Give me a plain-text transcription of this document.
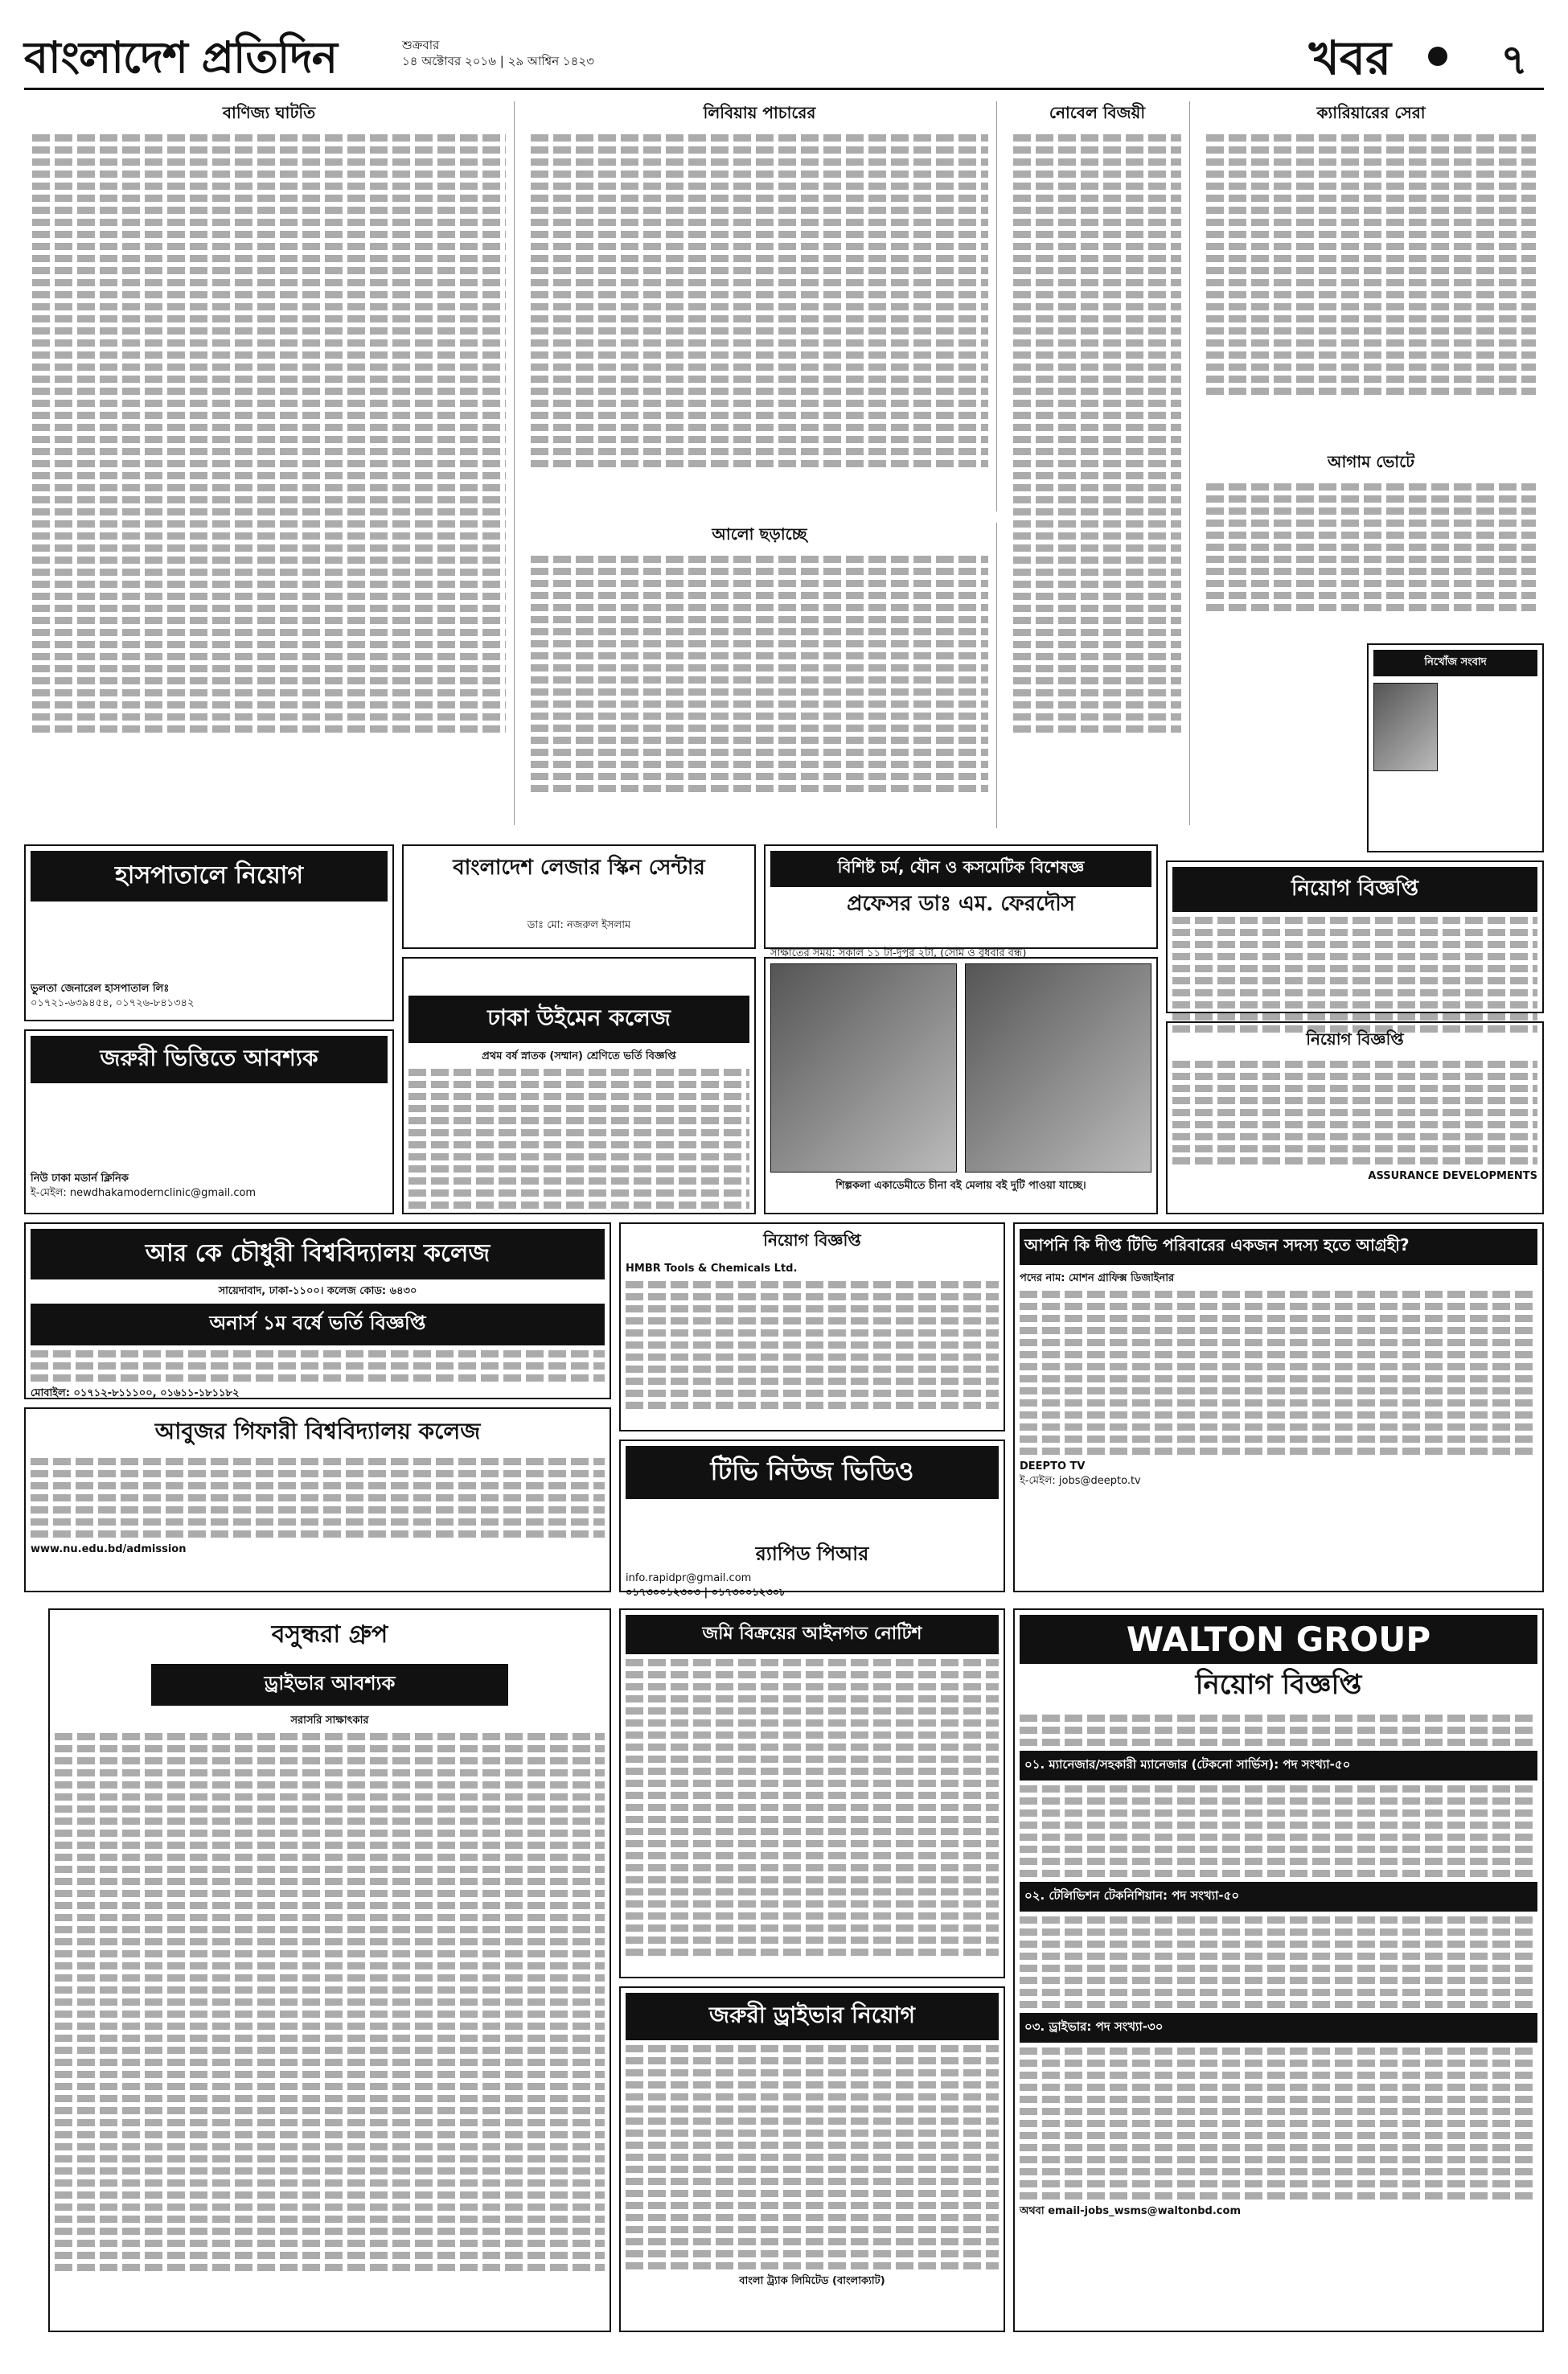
বাংলাদেশ প্রতিদিন	শুক্রবার
১৪ অক্টোবর ২০১৬ | ২৯ আশ্বিন ১৪২৩	খবর	৭
বাণিজ্য ঘাটতি	লিবিয়ায় পাচারের
আলো ছড়াচ্ছে
নোবেল বিজয়ী	ক্যারিয়ারের সেরা
আগাম ভোটে
নিখোঁজ সংবাদ
হাসপাতালে নিয়োগ
ভুলতা জেনারেল হাসপাতাল লিঃ
০১৭২১-৬৩৯৪৫৪, ০১৭২৬-৮৪১৩৪২
জরুরী ভিত্তিতে আবশ্যক
নিউ ঢাকা মডার্ন ক্লিনিক
ই-মেইল: newdhakamodernclinic@gmail.com
বাংলাদেশ লেজার স্কিন সেন্টার
ডাঃ মো: নজরুল ইসলাম
ঢাকা উইমেন কলেজ
প্রথম বর্ষ স্নাতক (সম্মান) শ্রেণিতে ভর্তি বিজ্ঞপ্তি
বিশিষ্ট চর্ম, যৌন ও কসমেটিক বিশেষজ্ঞ
প্রফেসর ডাঃ এম. ফেরদৌস
সাক্ষাতের সময়: সকাল ১১ টা-দুপুর ২টা, (সোম ও বুধবার বন্ধ)
শিল্পকলা একাডেমীতে চীনা বই মেলায় বই দুটি পাওয়া যাচ্ছে।
নিয়োগ বিজ্ঞপ্তি
নিয়োগ বিজ্ঞপ্তি
ASSURANCE DEVELOPMENTS
আর কে চৌধুরী বিশ্ববিদ্যালয় কলেজ
সায়েদাবাদ, ঢাকা-১১০০। কলেজ কোড: ৬৪৩০
অনার্স ১ম বর্ষে ভর্তি বিজ্ঞপ্তি
মোবাইল: ০১৭১২-৮১১১০০, ০১৬১১-১৮১১৮২
আবুজর গিফারী বিশ্ববিদ্যালয় কলেজ
www.nu.edu.bd/admission
নিয়োগ বিজ্ঞপ্তি
HMBR Tools & Chemicals Ltd.
টিভি নিউজ ভিডিও
র‍্যাপিড পিআর
info.rapidpr@gmail.com
০১৭৩০০১২৩০৩ | ০১৭৩০০১২৩০৮
আপনি কি দীপ্ত টিভি পরিবারের একজন সদস্য হতে আগ্রহী?
পদের নাম: মোশন গ্রাফিক্স ডিজাইনার
DEEPTO TV
ই-মেইল: jobs@deepto.tv
বসুন্ধরা গ্রুপ
ড্রাইভার আবশ্যক
সরাসরি সাক্ষাৎকার
জমি বিক্রয়ের আইনগত নোটিশ
জরুরী ড্রাইভার নিয়োগ
বাংলা ট্র্যাক লিমিটেড (বাংলাক্যাট)
WALTON GROUP
নিয়োগ বিজ্ঞপ্তি
০১. ম্যানেজার/সহকারী ম্যানেজার (টেকনো সার্ভিস): পদ সংখ্যা-৫০
০২. টেলিভিশন টেকনিশিয়ান: পদ সংখ্যা-৫০
০৩. ড্রাইভার: পদ সংখ্যা-৩০
অথবা email-jobs_wsms@waltonbd.com
